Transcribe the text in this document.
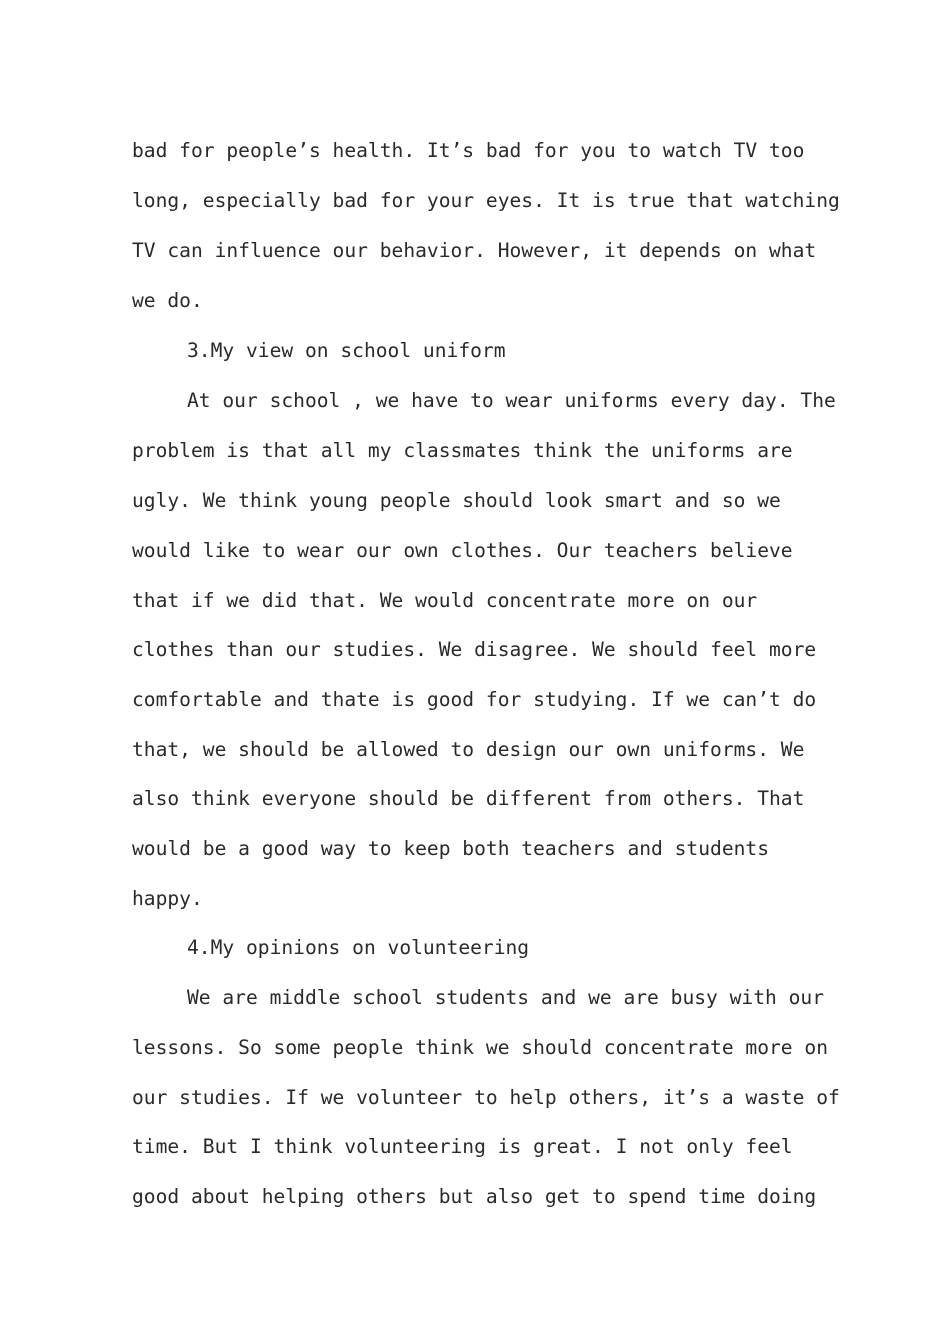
bad for people’s health. It’s bad for you to watch TV too
long, especially bad for your eyes. It is true that watching
TV can influence our behavior. However, it depends on what
we do.
3.My view on school uniform
At our school , we have to wear uniforms every day. The
problem is that all my classmates think the uniforms are
ugly. We think young people should look smart and so we
would like to wear our own clothes. Our teachers believe
that if we did that. We would concentrate more on our
clothes than our studies. We disagree. We should feel more
comfortable and thate is good for studying. If we can’t do
that, we should be allowed to design our own uniforms. We
also think everyone should be different from others. That
would be a good way to keep both teachers and students
happy.
4.My opinions on volunteering
We are middle school students and we are busy with our
lessons. So some people think we should concentrate more on
our studies. If we volunteer to help others, it’s a waste of
time. But I think volunteering is great. I not only feel
good about helping others but also get to spend time doing
